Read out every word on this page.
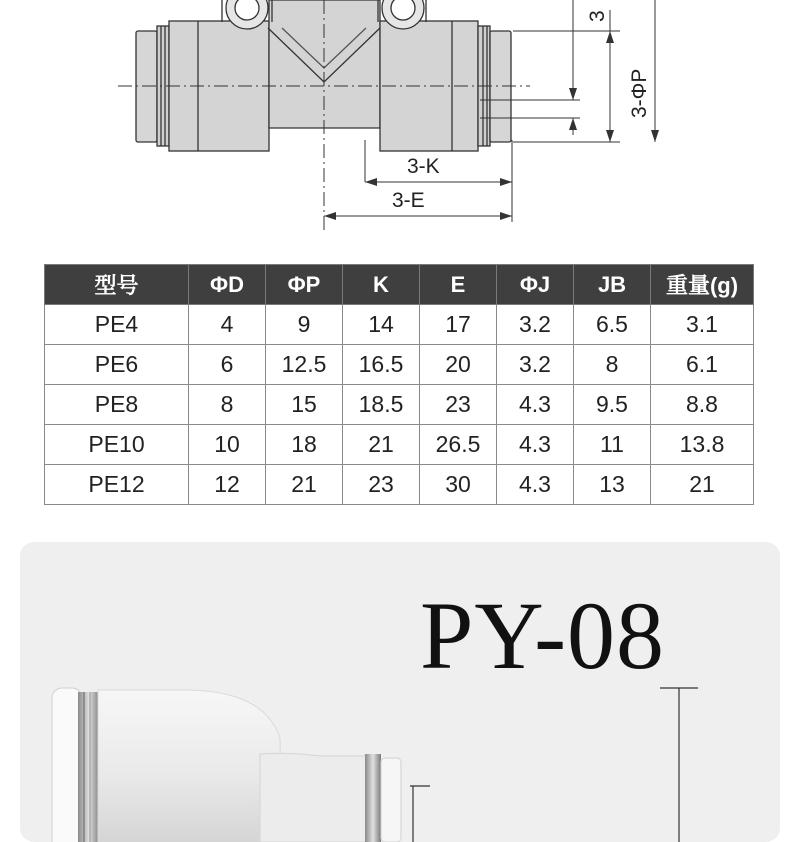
3-K
3-E
3-ΦP
3
型号	ΦD	ΦP	K	E	ΦJ	JB	重量(g)
PE4	4	9	14	17	3.2	6.5	3.1
PE6	6	12.5	16.5	20	3.2	8	6.1
PE8	8	15	18.5	23	4.3	9.5	8.8
PE10	10	18	21	26.5	4.3	11	13.8
PE12	12	21	23	30	4.3	13	21
PY-08
